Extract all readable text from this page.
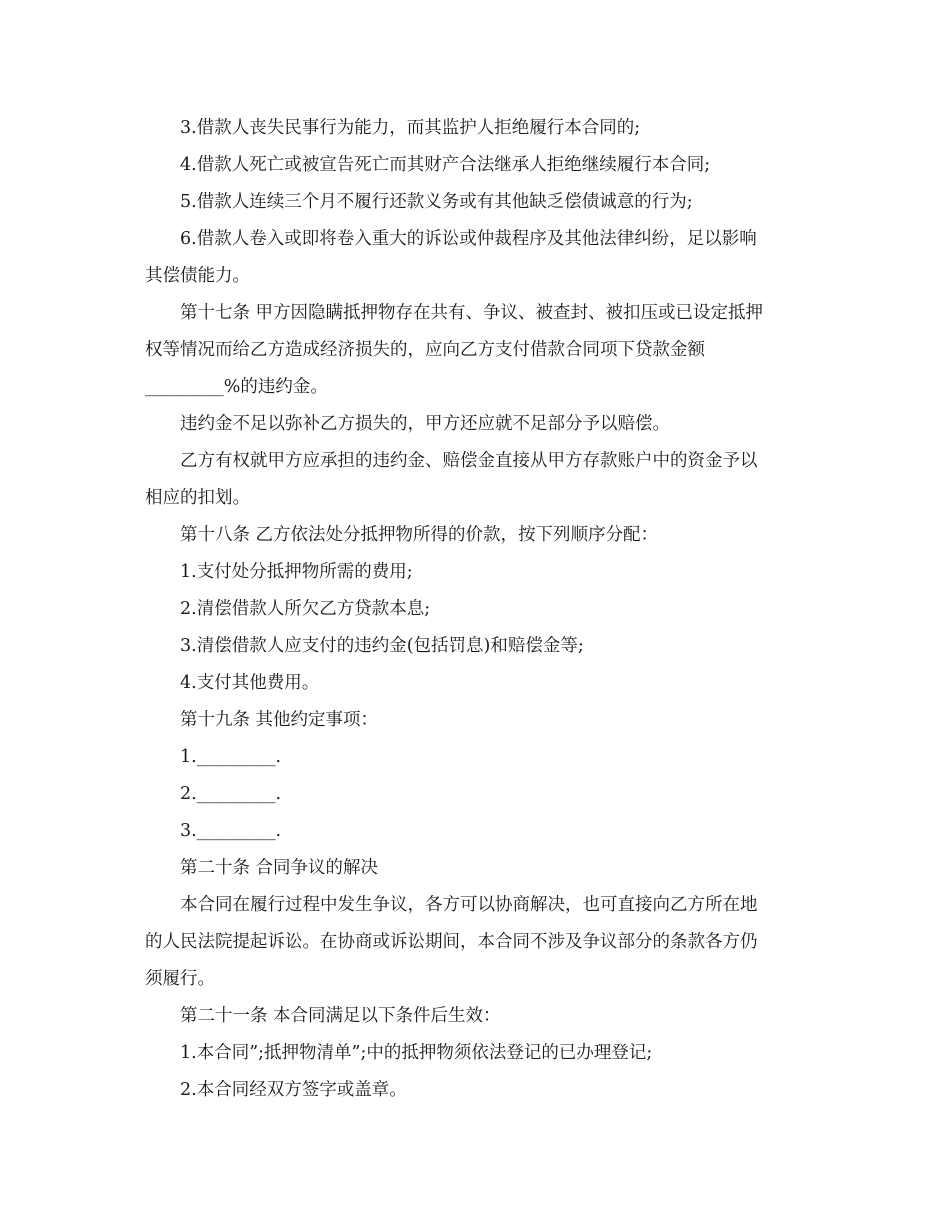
3.借款人丧失民事行为能力，而其监护人拒绝履行本合同的;

4.借款人死亡或被宣告死亡而其财产合法继承人拒绝继续履行本合同;

5.借款人连续三个月不履行还款义务或有其他缺乏偿债诚意的行为;

6.借款人卷入或即将卷入重大的诉讼或仲裁程序及其他法律纠纷，足以影响
其偿债能力。

第十七条 甲方因隐瞒抵押物存在共有、争议、被查封、被扣压或已设定抵押
权等情况而给乙方造成经济损失的，应向乙方支付借款合同项下贷款金额
_________%的违约金。

违约金不足以弥补乙方损失的，甲方还应就不足部分予以赔偿。

乙方有权就甲方应承担的违约金、赔偿金直接从甲方存款账户中的资金予以
相应的扣划。

第十八条 乙方依法处分抵押物所得的价款，按下列顺序分配：

1.支付处分抵押物所需的费用;

2.清偿借款人所欠乙方贷款本息;

3.清偿借款人应支付的违约金(包括罚息)和赔偿金等;

4.支付其他费用。

第十九条 其他约定事项：

1._________.

2._________.

3._________.

第二十条 合同争议的解决

本合同在履行过程中发生争议，各方可以协商解决，也可直接向乙方所在地
的人民法院提起诉讼。在协商或诉讼期间，本合同不涉及争议部分的条款各方仍
须履行。

第二十一条 本合同满足以下条件后生效：

1.本合同”;抵押物清单”;中的抵押物须依法登记的已办理登记;

2.本合同经双方签字或盖章。
